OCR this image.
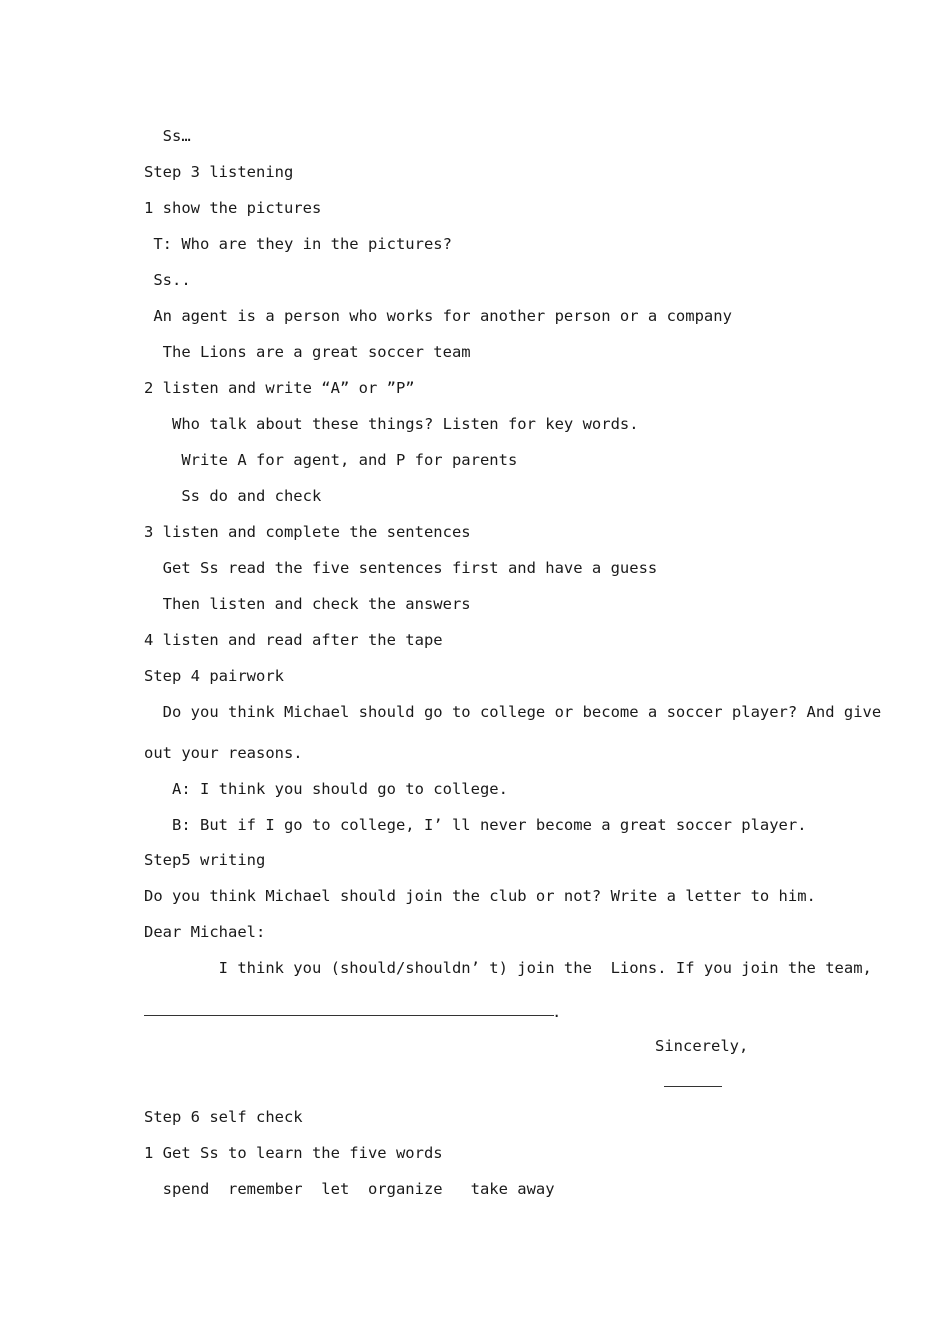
Ss…
Step 3 listening
1 show the pictures
T: Who are they in the pictures?
Ss..
An agent is a person who works for another person or a company
The Lions are a great soccer team
2 listen and write “A” or ”P”
Who talk about these things? Listen for key words.
Write A for agent, and P for parents
Ss do and check
3 listen and complete the sentences
Get Ss read the five sentences first and have a guess
Then listen and check the answers
4 listen and read after the tape
Step 4 pairwork
Do you think Michael should go to college or become a soccer player? And give
out your reasons.
A: I think you should go to college.
B: But if I go to college, I’ ll never become a great soccer player.
Step5 writing
Do you think Michael should join the club or not? Write a letter to him.
Dear Michael:
I think you (should/shouldn’ t) join the  Lions. If you join the team,
.
Sincerely,
Step 6 self check
1 Get Ss to learn the five words
spend  remember  let  organize   take away
